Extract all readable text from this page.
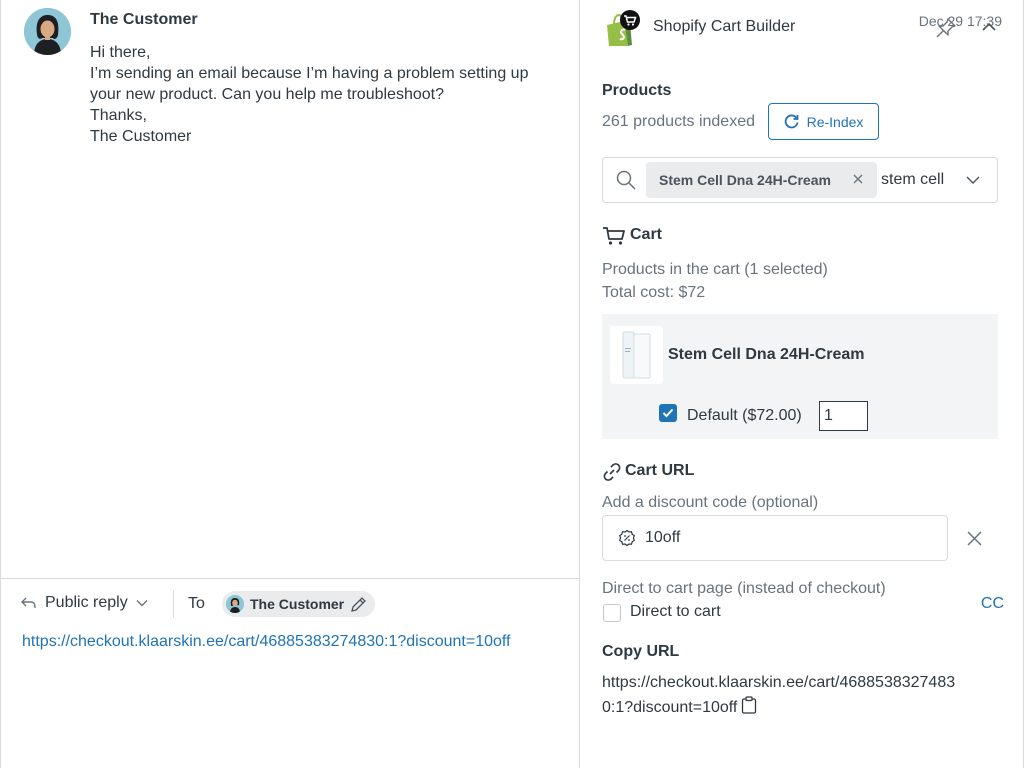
The Customer	Dec 29 17:39
Hi there,
I’m sending an email because I’m having a problem setting up
your new product. Can you help me troubleshoot?
Thanks,
The Customer
Public reply	To	The Customer	CC
https://checkout.klaarskin.ee/cart/46885383274830:1?discount=10off
Shopify Cart Builder
Products
261 products indexed	Re-Index
Stem Cell Dna 24H-Cream	stem cell
Cart
Products in the cart (1 selected)
Total cost: $72
Stem Cell Dna 24H-Cream
Default ($72.00)
1
Cart URL
Add a discount code (optional)
10off
Direct to cart page (instead of checkout)
Direct to cart
Copy URL
https://checkout.klaarskin.ee/cart/4688538327483
0:1?discount=10off
